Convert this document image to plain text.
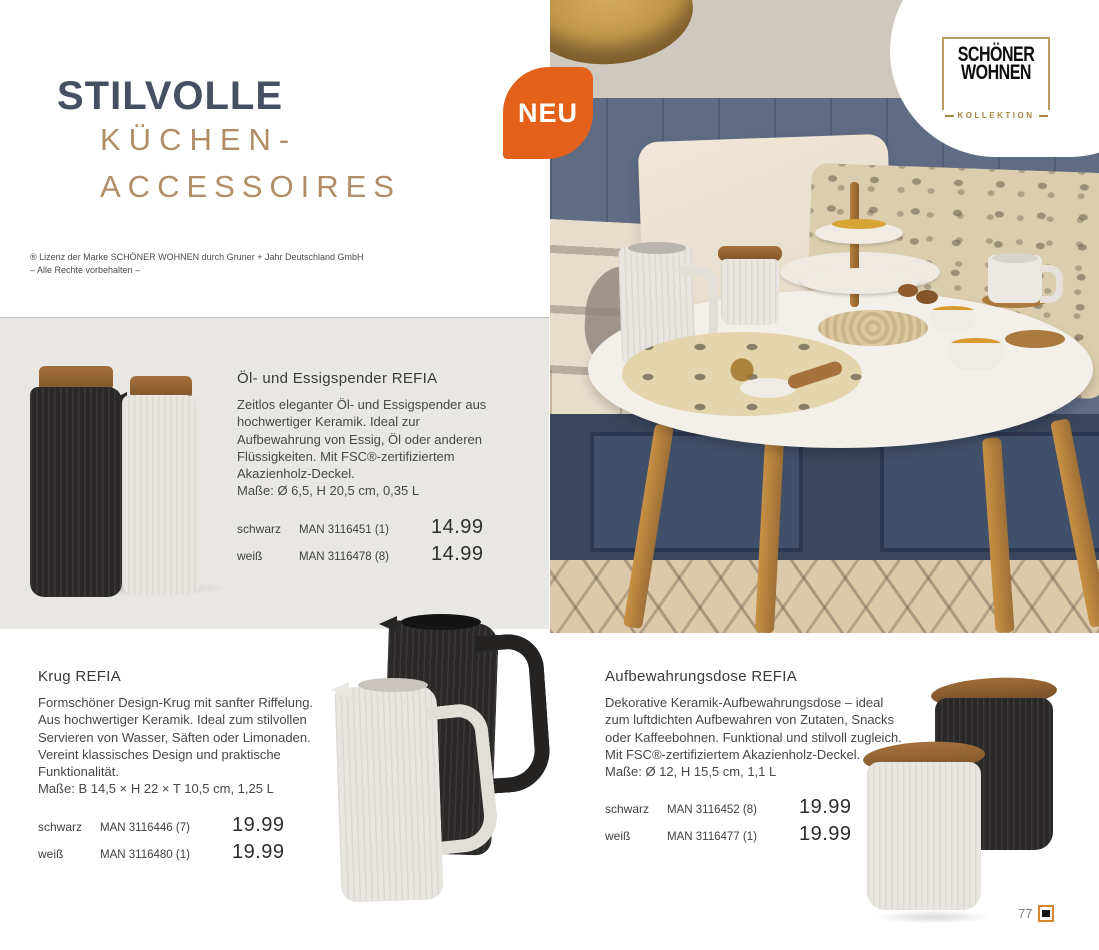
STILVOLLE
KÜCHEN-
ACCESSOIRES
® Lizenz der Marke SCHÖNER WOHNEN durch Gruner + Jahr Deutschland GmbH
– Alle Rechte vorbehalten –
NEU
SCHÖNER
WOHNEN
KOLLEKTION

Öl- und Essigspender REFIA

Zeitlos eleganter Öl- und Essigspender aus hochwertiger Keramik. Ideal zur Aufbewahrung von Essig, Öl oder anderen Flüssigkeiten. Mit FSC®-zertifiziertem Akazienholz-Deckel.

Maße: Ø 6,5, H 20,5 cm, 0,35 L

schwarz	MAN 3116451 (1)	14.99
weiß	MAN 3116478 (8)	14.99

Krug REFIA

Formschöner Design-Krug mit sanfter Riffelung. Aus hochwertiger Keramik. Ideal zum stilvollen Servieren von Wasser, Säften oder Limonaden. Vereint klassisches Design und praktische Funktionalität.

Maße: B 14,5 × H 22 × T 10,5 cm, 1,25 L

schwarz	MAN 3116446 (7)	19.99
weiß	MAN 3116480 (1)	19.99

Aufbewahrungsdose REFIA

Dekorative Keramik-Aufbewahrungsdose – ideal zum luftdichten Aufbewahren von Zutaten, Snacks oder Kaffeebohnen. Funktional und stilvoll zugleich. Mit FSC®-zertifiziertem Akazienholz-Deckel.

Maße: Ø 12, H 15,5 cm, 1,1 L

schwarz	MAN 3116452 (8)	19.99
weiß	MAN 3116477 (1)	19.99
77
